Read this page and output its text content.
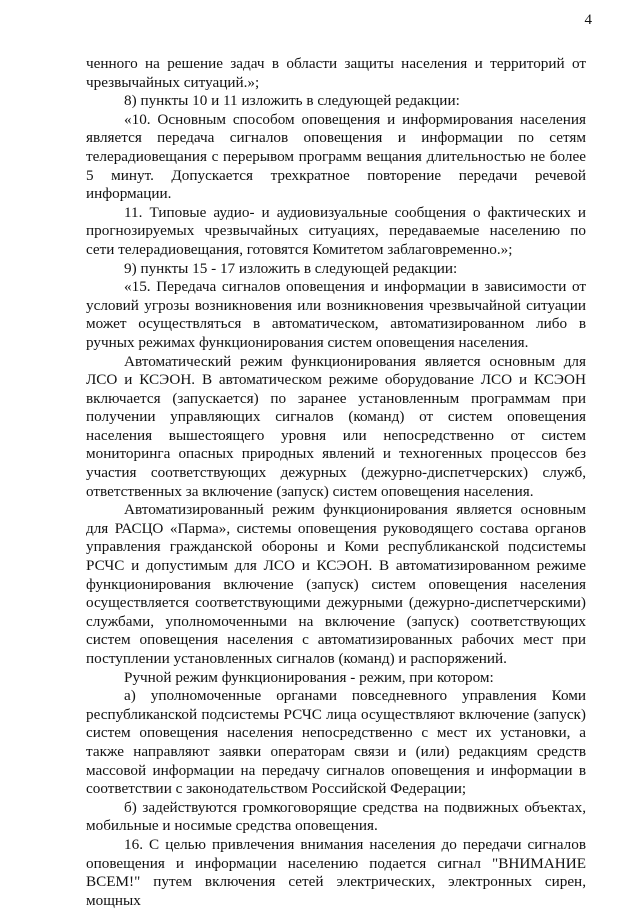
4

ченного на решение задач в области защиты населения и территорий от чрезвычайных ситуаций.»;

8) пункты 10 и 11 изложить в следующей редакции:

«10. Основным способом оповещения и информирования населения является передача сигналов оповещения и информации по сетям телерадиовещания с перерывом программ вещания длительностью не более 5 минут. Допускается трехкратное повторение передачи речевой информации.

11. Типовые аудио- и аудиовизуальные сообщения о фактических и прогнозируемых чрезвычайных ситуациях, передаваемые населению по сети телерадиовещания, готовятся Комитетом заблаговременно.»;

9) пункты 15 - 17 изложить в следующей редакции:

«15. Передача сигналов оповещения и информации в зависимости от условий угрозы возникновения или возникновения чрезвычайной ситуации может осуществляться в автоматическом, автоматизированном либо в ручных режимах функционирования систем оповещения населения.

Автоматический режим функционирования является основным для ЛСО и КСЭОН. В автоматическом режиме оборудование ЛСО и КСЭОН включается (запускается) по заранее установленным программам при получении управляющих сигналов (команд) от систем оповещения населения вышестоящего уровня или непосредственно от систем мониторинга опасных природных явлений и техногенных процессов без участия соответствующих дежурных (дежурно-диспетчерских) служб, ответственных за включение (запуск) систем оповещения населения.

Автоматизированный режим функционирования является основным для РАСЦО «Парма», системы оповещения руководящего состава органов управления гражданской обороны и Коми республиканской подсистемы РСЧС и допустимым для ЛСО и КСЭОН. В автоматизированном режиме функционирования включение (запуск) систем оповещения населения осуществляется соответствующими дежурными (дежурно-диспетчерскими) службами, уполномоченными на включение (запуск) соответствующих систем оповещения населения с автоматизированных рабочих мест при поступлении установленных сигналов (команд) и распоряжений.

Ручной режим функционирования - режим, при котором:

а) уполномоченные органами повседневного управления Коми республиканской подсистемы РСЧС лица осуществляют включение (запуск) систем оповещения населения непосредственно с мест их установки, а также направляют заявки операторам связи и (или) редакциям средств массовой информации на передачу сигналов оповещения и информации в соответствии с законодательством Российской Федерации;

б) задействуются громкоговорящие средства на подвижных объектах, мобильные и носимые средства оповещения.

16. С целью привлечения внимания населения до передачи сигналов оповещения и информации населению подается сигнал "ВНИМАНИЕ ВСЕМ!" путем включения сетей электрических, электронных сирен, мощных
